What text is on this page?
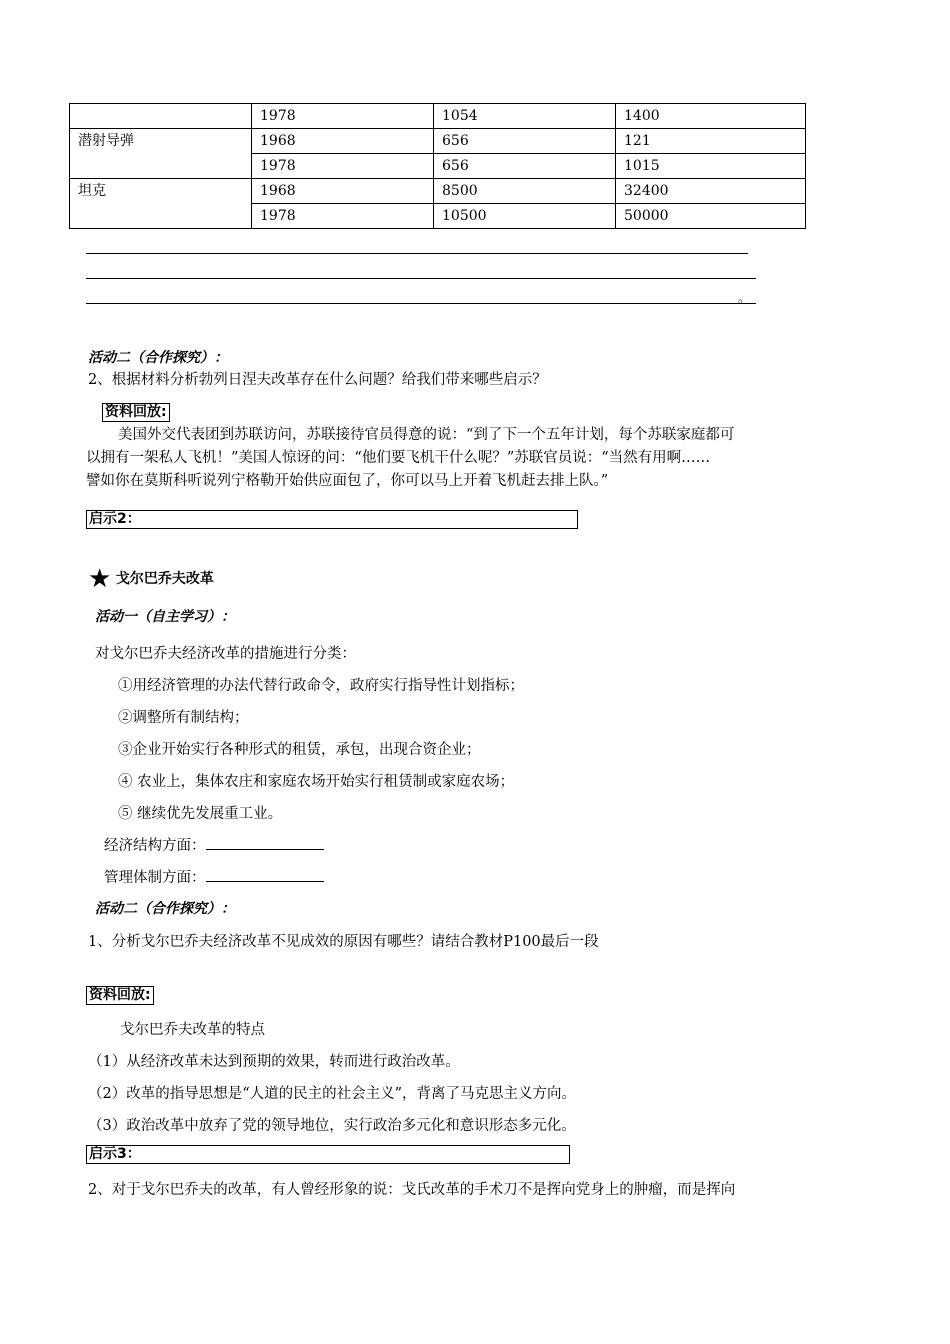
	1978	1054	1400
潜射导弹	1968	656	121
	1978	656	1015
坦克	1968	8500	32400
	1978	10500	50000
。
活动二（合作探究）：
2、根据材料分析勃列日涅夫改革存在什么问题？给我们带来哪些启示？
资料回放:
美国外交代表团到苏联访问，苏联接待官员得意的说：“到了下一个五年计划，每个苏联家庭都可
以拥有一架私人飞机！”美国人惊讶的问：“他们要飞机干什么呢？”苏联官员说：“当然有用啊……
譬如你在莫斯科听说列宁格勒开始供应面包了，你可以马上开着飞机赶去排上队。”
启示2：
★ 戈尔巴乔夫改革
活动一（自主学习）：
对戈尔巴乔夫经济改革的措施进行分类：
①用经济管理的办法代替行政命令，政府实行指导性计划指标；
②调整所有制结构；
③企业开始实行各种形式的租赁，承包，出现合资企业；
④ 农业上，集体农庄和家庭农场开始实行租赁制或家庭农场；
⑤ 继续优先发展重工业。
经济结构方面：
管理体制方面：
活动二（合作探究）：
1、分析戈尔巴乔夫经济改革不见成效的原因有哪些？请结合教材P100最后一段
资料回放:
戈尔巴乔夫改革的特点
（1）从经济改革未达到预期的效果，转而进行政治改革。
（2）改革的指导思想是“人道的民主的社会主义”，背离了马克思主义方向。
（3）政治改革中放弃了党的领导地位，实行政治多元化和意识形态多元化。
启示3：
2、对于戈尔巴乔夫的改革，有人曾经形象的说：戈氏改革的手术刀不是挥向党身上的肿瘤，而是挥向
